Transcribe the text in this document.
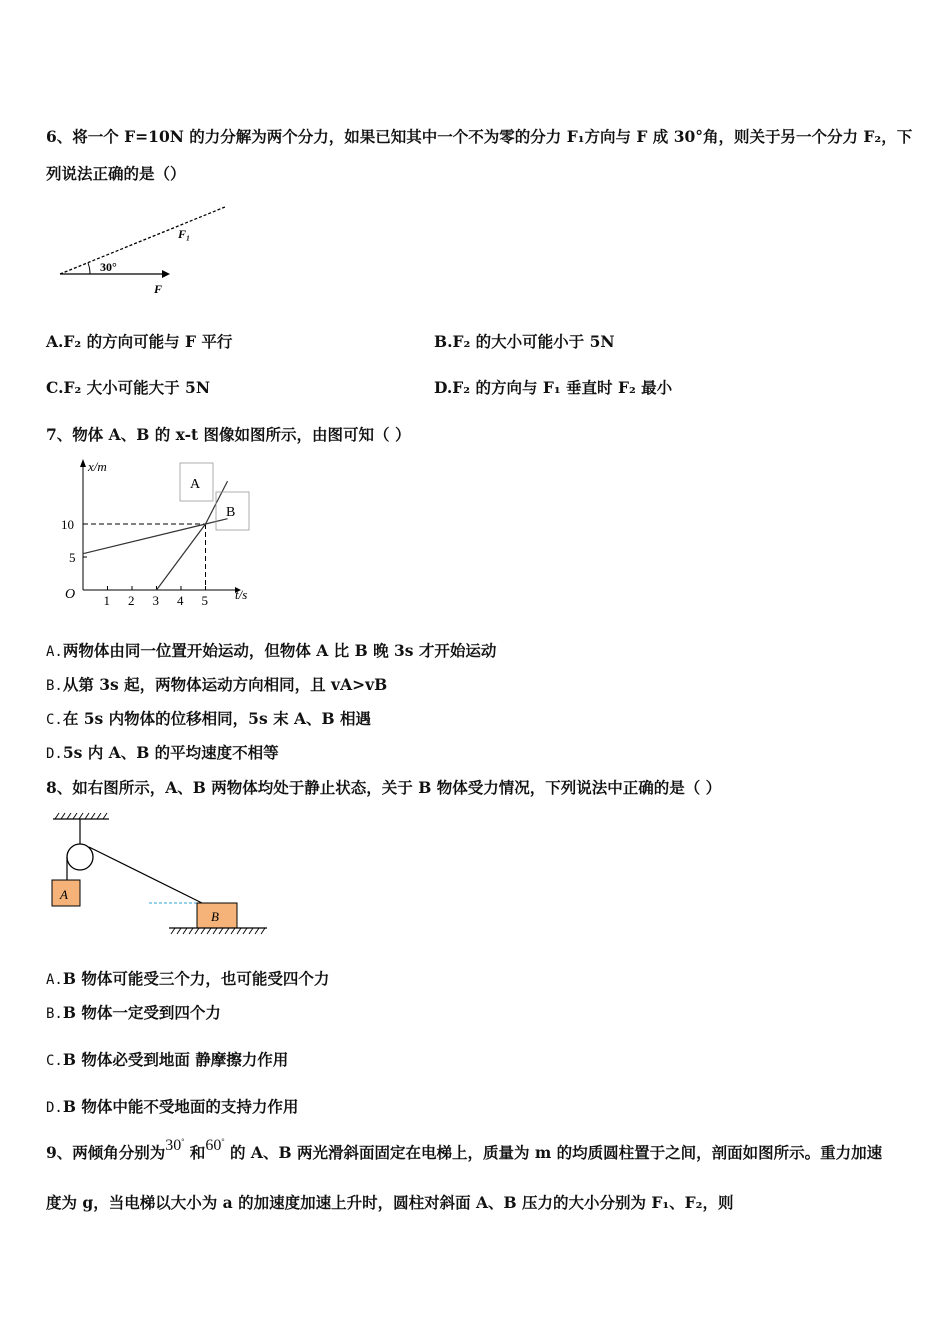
6、将一个 F=10N 的力分解为两个分力，如果已知其中一个不为零的分力 F₁方向与 F 成 30°角，则关于另一个分力 F₂，下
列说法正确的是（）
F₁
30°
F
A.F₂ 的方向可能与 F 平行	B.F₂ 的大小可能小于 5N
C.F₂ 大小可能大于 5N	D.F₂ 的方向与 F₁ 垂直时 F₂ 最小
7、物体 A、B 的 x-t 图像如图所示，由图可知（ ）
1 2 3 4 5
5
10
A
B
x/m
t/s
O
A.两物体由同一位置开始运动，但物体 A 比 B 晚 3s 才开始运动
B.从第 3s 起，两物体运动方向相同，且 vA>vB
C.在 5s 内物体的位移相同，5s 末 A、B 相遇
D.5s 内 A、B 的平均速度不相等
8、如右图所示，A、B 两物体均处于静止状态，关于 B 物体受力情况，下列说法中正确的是（ ）
A
B
A.B 物体可能受三个力，也可能受四个力
B.B 物体一定受到四个力
C.B 物体必受到地面 静摩擦力作用
D.B 物体中能不受地面的支持力作用
9、两倾角分别为30° 和60° 的 A、B 两光滑斜面固定在电梯上，质量为 m 的均质圆柱置于之间，剖面如图所示。重力加速
度为 g，当电梯以大小为 a 的加速度加速上升时，圆柱对斜面 A、B 压力的大小分别为 F₁、F₂，则
